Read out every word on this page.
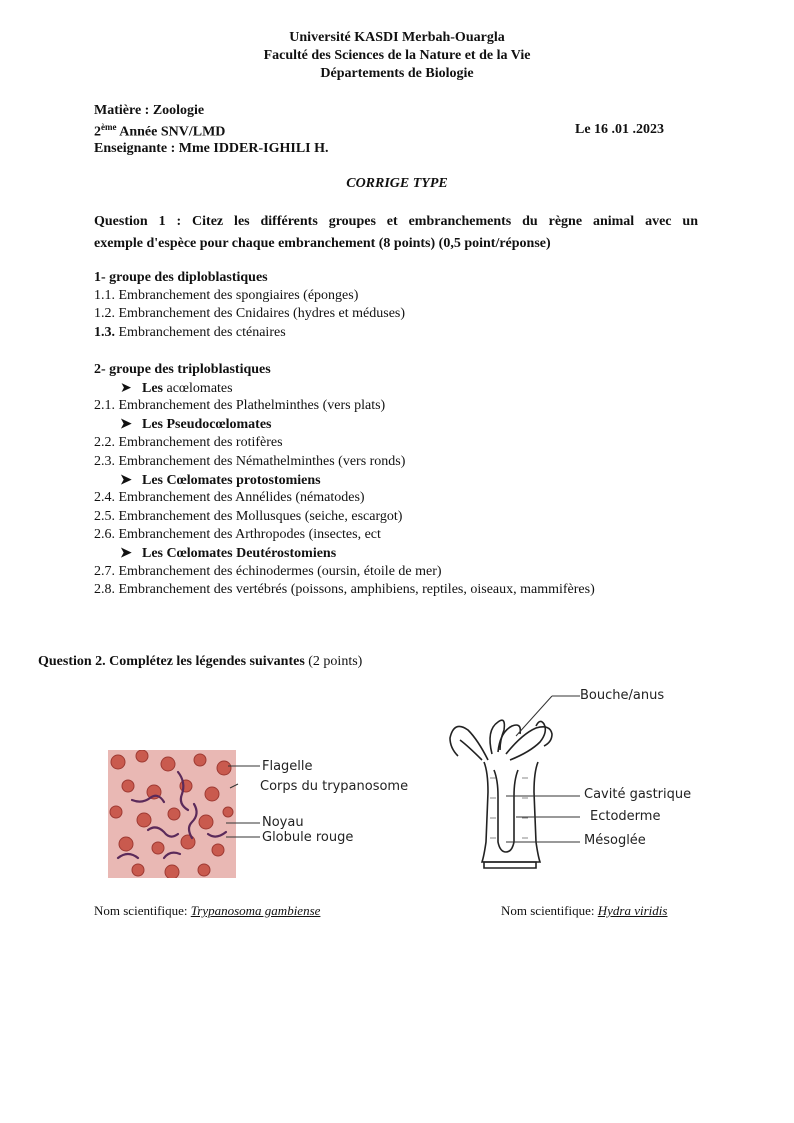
Université KASDI Merbah-Ouargla
Faculté des Sciences de la Nature et de la Vie
Départements de Biologie
Matière : Zoologie
2ème Année SNV/LMD	Le 16 .01 .2023
Enseignante : Mme IDDER-IGHILI H.
CORRIGE TYPE
Question 1 : Citez les différents groupes et embranchements du règne animal avec un
exemple d'espèce pour chaque embranchement (8 points) (0,5 point/réponse)
1- groupe des diploblastiques
1.1. Embranchement des spongiaires (éponges)
1.2. Embranchement des Cnidaires (hydres et méduses)
1.3. Embranchement des cténaires
2- groupe des triploblastiques
➤ Les acœlomates
2.1. Embranchement des Plathelminthes (vers plats)
➤ Les Pseudocœlomates
2.2. Embranchement des rotifères
2.3. Embranchement des Némathelminthes (vers ronds)
➤ Les Cœlomates protostomiens
2.4. Embranchement des Annélides (nématodes)
2.5. Embranchement des Mollusques (seiche, escargot)
2.6. Embranchement des Arthropodes (insectes, ect
➤ Les Cœlomates Deutérostomiens
2.7. Embranchement des échinodermes (oursin, étoile de mer)
2.8. Embranchement des vertébrés (poissons, amphibiens, reptiles, oiseaux, mammifères)
Question 2. Complétez les légendes suivantes (2 points)
Flagelle
Corps du trypanosome
Noyau
Globule rouge
Bouche/anus
Cavité gastrique
Ectoderme
Mésoglée
Nom scientifique: Trypanosoma gambiense	Nom scientifique: Hydra viridis
